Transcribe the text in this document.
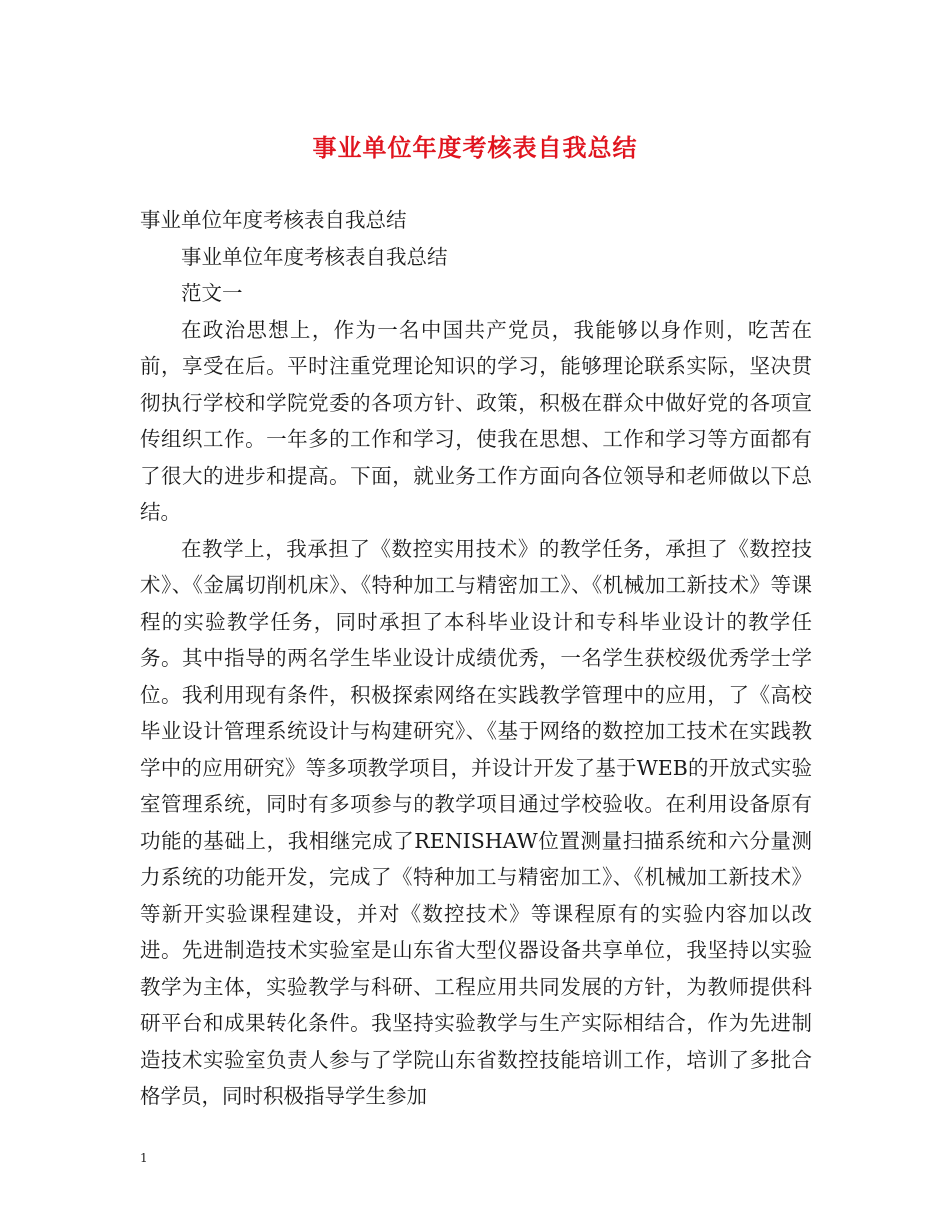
事业单位年度考核表自我总结

事业单位年度考核表自我总结

事业单位年度考核表自我总结

范文一

在政治思想上，作为一名中国共产党员，我能够以身作则，吃苦在前，享受在后。平时注重党理论知识的学习，能够理论联系实际，坚决贯彻执行学校和学院党委的各项方针、政策，积极在群众中做好党的各项宣传组织工作。一年多的工作和学习，使我在思想、工作和学习等方面都有了很大的进步和提高。下面，就业务工作方面向各位领导和老师做以下总结。

在教学上，我承担了《数控实用技术》的教学任务，承担了《数控技术》、《金属切削机床》、《特种加工与精密加工》、《机械加工新技术》等课程的实验教学任务，同时承担了本科毕业设计和专科毕业设计的教学任务。其中指导的两名学生毕业设计成绩优秀，一名学生获校级优秀学士学位。我利用现有条件，积极探索网络在实践教学管理中的应用，了《高校毕业设计管理系统设计与构建研究》、《基于网络的数控加工技术在实践教学中的应用研究》等多项教学项目，并设计开发了基于WEB的开放式实验室管理系统，同时有多项参与的教学项目通过学校验收。在利用设备原有功能的基础上，我相继完成了RENISHAW位置测量扫描系统和六分量测力系统的功能开发，完成了《特种加工与精密加工》、《机械加工新技术》等新开实验课程建设，并对《数控技术》等课程原有的实验内容加以改进。先进制造技术实验室是山东省大型仪器设备共享单位，我坚持以实验教学为主体，实验教学与科研、工程应用共同发展的方针，为教师提供科研平台和成果转化条件。我坚持实验教学与生产实际相结合，作为先进制造技术实验室负责人参与了学院山东省数控技能培训工作，培训了多批合格学员，同时积极指导学生参加

1
